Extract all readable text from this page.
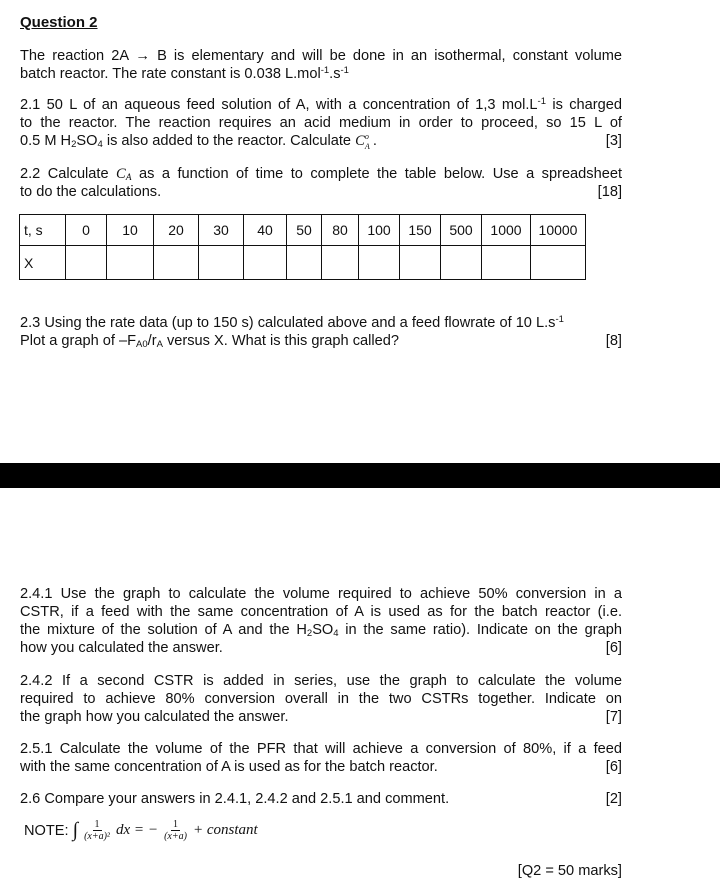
Question 2
The reaction 2A → B is elementary and will be done in an isothermal, constant volume
batch reactor. The rate constant is 0.038 $L.mol^{-1}.s^{-1}$
2.1 50 L of an aqueous feed solution of A, with a concentration of 1,3 $mol.L^{-1}$ is charged
to the reactor. The reaction requires an acid medium in order to proceed, so 15 L of
0.5 M $H_2SO_4$ is also added to the reactor. Calculate C o
A .	[3]
2.2 Calculate $C_A$ as a function of time to complete the table below. Use a spreadsheet
to do the calculations.	[18]
t, s	0	10	20	30	40	50	80	100	150	500	1000	10000
X												
2.3 Using the rate data (up to 150 s) calculated above and a feed flowrate of 10 $L.s^{-1}$
Plot a graph of $-F_{A0}/r_A$ versus X. What is this graph called?	[8]
2.4.1 Use the graph to calculate the volume required to achieve 50% conversion in a
CSTR, if a feed with the same concentration of A is used as for the batch reactor (i.e.
the mixture of the solution of A and the $H_2SO_4$ in the same ratio). Indicate on the graph
how you calculated the answer.	[6]
2.4.2 If a second CSTR is added in series, use the graph to calculate the volume
required to achieve 80% conversion overall in the two CSTRs together. Indicate on
the graph how you calculated the answer.	[7]
2.5.1 Calculate the volume of the PFR that will achieve a conversion of 80%, if a feed
with the same concentration of A is used as for the batch reactor.	[6]
2.6 Compare your answers in 2.4.1, 2.4.2 and 2.5.1 and comment.	[2]
NOTE: ∫ $\frac{1}{\text{(x+a)²}}$ dx = − $\frac{1}{(x+a)}$ + constant
[Q2 = 50 marks]
